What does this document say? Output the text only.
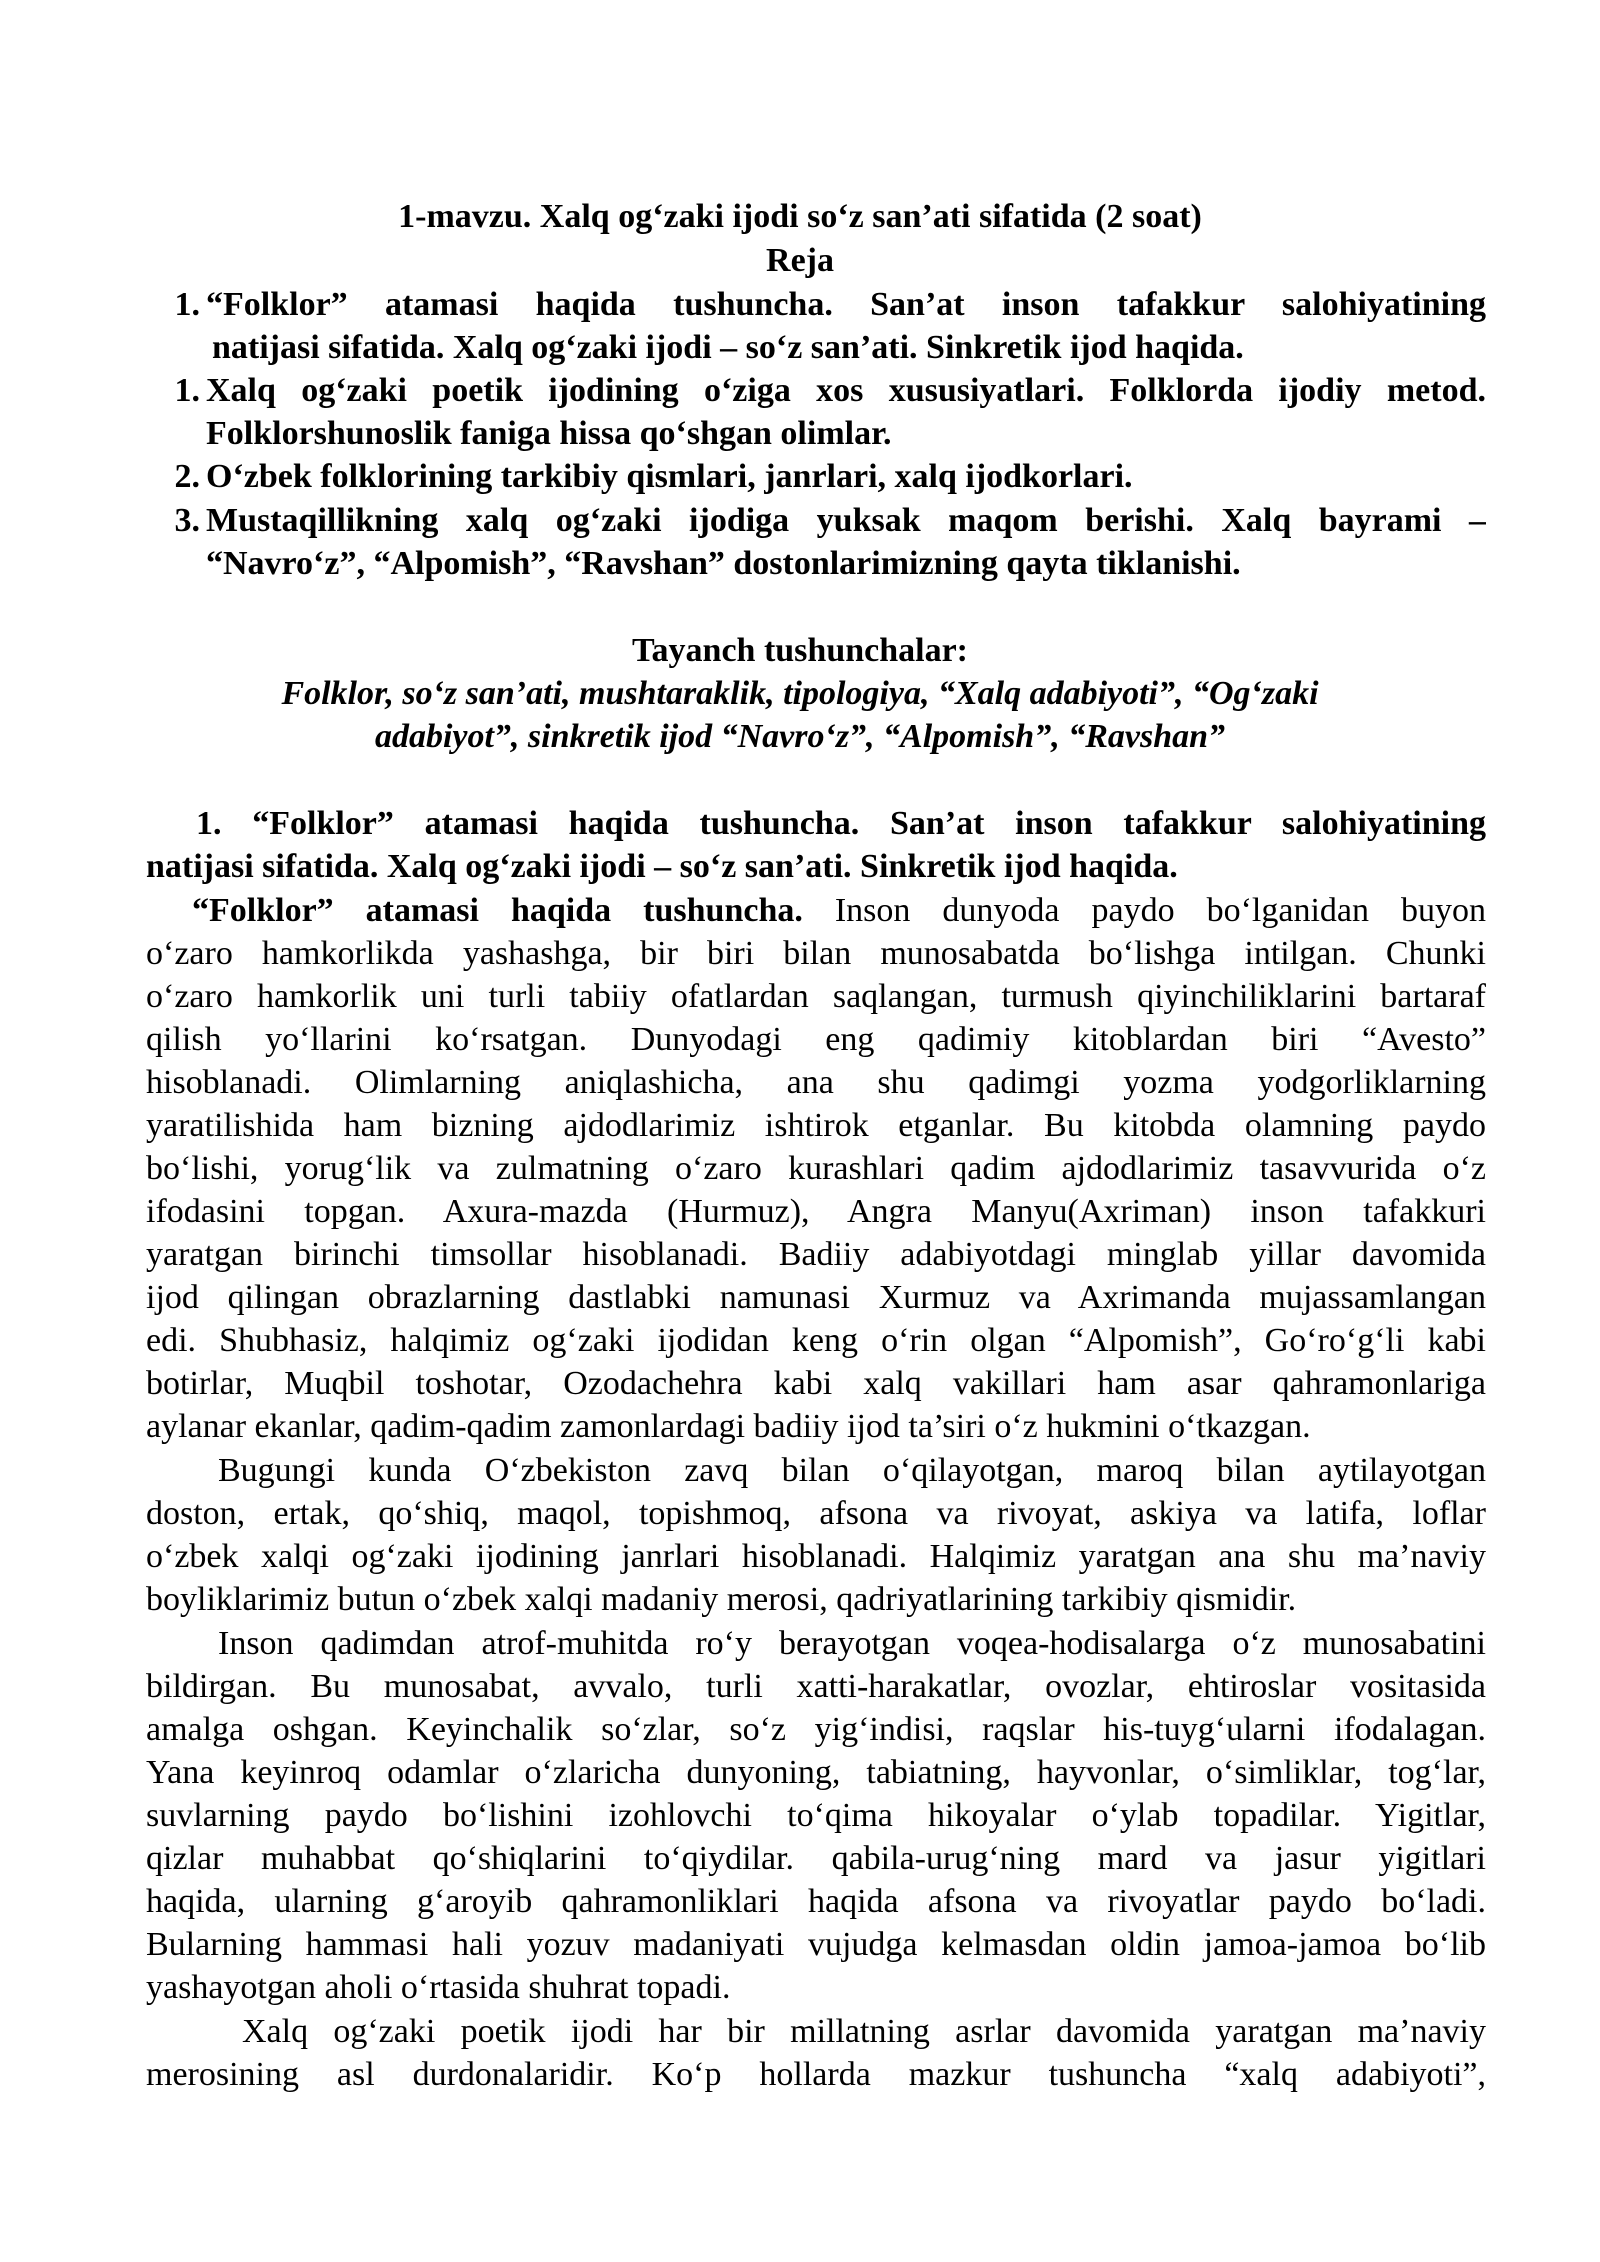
1-mavzu. Xalq og‘zaki ijodi so‘z san’ati sifatida (2 soat)
Reja
1. “Folklor” atamasi haqida tushuncha. San’at inson tafakkur salohiyatining
natijasi sifatida. Xalq og‘zaki ijodi – so‘z san’ati. Sinkretik ijod haqida.
1. Xalq og‘zaki poetik ijodining o‘ziga xos xususiyatlari. Folklorda ijodiy metod.
Folklorshunoslik faniga hissa qo‘shgan olimlar.
2. O‘zbek folklorining tarkibiy qismlari, janrlari, xalq ijodkorlari.
3. Mustaqillikning xalq og‘zaki ijodiga yuksak maqom berishi. Xalq bayrami –
“Navro‘z”, “Alpomish”, “Ravshan” dostonlarimizning qayta tiklanishi.
Tayanch tushunchalar:
Folklor, so‘z san’ati, mushtaraklik, tipologiya, “Xalq adabiyoti”, “Og‘zaki
adabiyot”, sinkretik ijod “Navro‘z”, “Alpomish”, “Ravshan”
1. “Folklor” atamasi haqida tushuncha. San’at inson tafakkur salohiyatining
natijasi sifatida. Xalq og‘zaki ijodi – so‘z san’ati. Sinkretik ijod haqida.
“Folklor” atamasi haqida tushuncha. Inson dunyoda paydo bo‘lganidan buyon
o‘zaro hamkorlikda yashashga, bir biri bilan munosabatda bo‘lishga intilgan. Chunki
o‘zaro hamkorlik uni turli tabiiy ofatlardan saqlangan, turmush qiyinchiliklarini bartaraf
qilish yo‘llarini ko‘rsatgan. Dunyodagi eng qadimiy kitoblardan biri “Avesto”
hisoblanadi. Olimlarning aniqlashicha, ana shu qadimgi yozma yodgorliklarning
yaratilishida ham bizning ajdodlarimiz ishtirok etganlar. Bu kitobda olamning paydo
bo‘lishi, yorug‘lik va zulmatning o‘zaro kurashlari qadim ajdodlarimiz tasavvurida o‘z
ifodasini topgan. Axura-mazda (Hurmuz), Angra Manyu(Axriman) inson tafakkuri
yaratgan birinchi timsollar hisoblanadi. Badiiy adabiyotdagi minglab yillar davomida
ijod qilingan obrazlarning dastlabki namunasi Xurmuz va Axrimanda mujassamlangan
edi. Shubhasiz, halqimiz og‘zaki ijodidan keng o‘rin olgan “Alpomish”, Go‘ro‘g‘li kabi
botirlar, Muqbil toshotar, Ozodachehra kabi xalq vakillari ham asar qahramonlariga
aylanar ekanlar, qadim-qadim zamonlardagi badiiy ijod ta’siri o‘z hukmini o‘tkazgan.
Bugungi kunda O‘zbekiston zavq bilan o‘qilayotgan, maroq bilan aytilayotgan
doston, ertak, qo‘shiq, maqol, topishmoq, afsona va rivoyat, askiya va latifa, loflar
o‘zbek xalqi og‘zaki ijodining janrlari hisoblanadi. Halqimiz yaratgan ana shu ma’naviy
boyliklarimiz butun o‘zbek xalqi madaniy merosi, qadriyatlarining tarkibiy qismidir.
Inson qadimdan atrof-muhitda ro‘y berayotgan voqea-hodisalarga o‘z munosabatini
bildirgan. Bu munosabat, avvalo, turli xatti-harakatlar, ovozlar, ehtiroslar vositasida
amalga oshgan. Keyinchalik so‘zlar, so‘z yig‘indisi, raqslar his-tuyg‘ularni ifodalagan.
Yana keyinroq odamlar o‘zlaricha dunyoning, tabiatning, hayvonlar, o‘simliklar, tog‘lar,
suvlarning paydo bo‘lishini izohlovchi to‘qima hikoyalar o‘ylab topadilar. Yigitlar,
qizlar muhabbat qo‘shiqlarini to‘qiydilar. qabila-urug‘ning mard va jasur yigitlari
haqida, ularning g‘aroyib qahramonliklari haqida afsona va rivoyatlar paydo bo‘ladi.
Bularning hammasi hali yozuv madaniyati vujudga kelmasdan oldin jamoa-jamoa bo‘lib
yashayotgan aholi o‘rtasida shuhrat topadi.
Xalq og‘zaki poetik ijodi har bir millatning asrlar davomida yaratgan ma’naviy
merosining asl durdonalaridir. Ko‘p hollarda mazkur tushuncha “xalq adabiyoti”,
